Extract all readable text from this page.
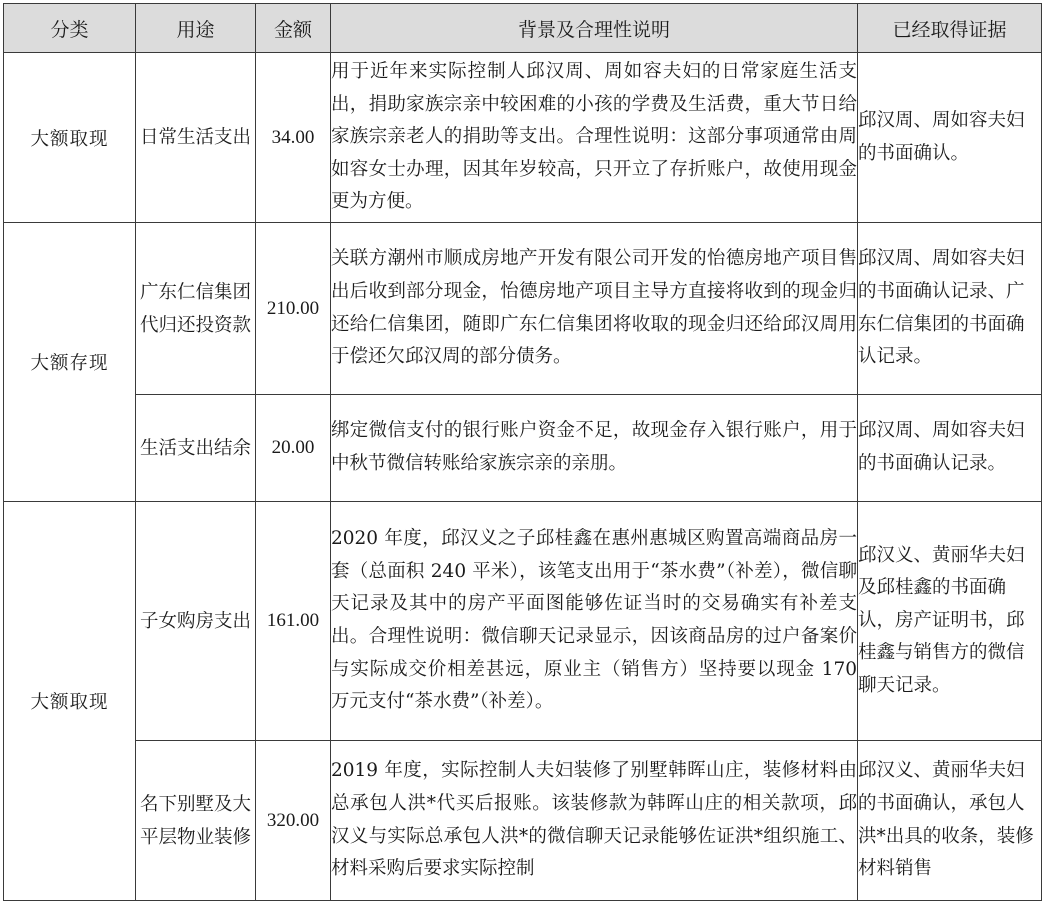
分类	用途	金额	背景及合理性说明	已经取得证据
大额取现	日常生活支出	34.00	用于近年来实际控制人邱汉周、周如容夫妇的日常家庭生活支出，捐助家族宗亲中较困难的小孩的学费及生活费，重大节日给家族宗亲老人的捐助等支出。合理性说明：这部分事项通常由周如容女士办理，因其年岁较高，只开立了存折账户，故使用现金更为方便。	邱汉周、周如容夫妇的书面确认。
大额存现	广东仁信集团代归还投资款	210.00	关联方潮州市顺成房地产开发有限公司开发的怡德房地产项目售出后收到部分现金，怡德房地产项目主导方直接将收到的现金归还给仁信集团，随即广东仁信集团将收取的现金归还给邱汉周用于偿还欠邱汉周的部分债务。	邱汉周、周如容夫妇的书面确认记录、广东仁信集团的书面确认记录。
	生活支出结余	20.00	绑定微信支付的银行账户资金不足，故现金存入银行账户，用于中秋节微信转账给家族宗亲的亲朋。	邱汉周、周如容夫妇的书面确认记录。
大额取现	子女购房支出	161.00	2020 年度，邱汉义之子邱桂鑫在惠州惠城区购置高端商品房一套（总面积 240 平米），该笔支出用于“茶水费”（补差），微信聊天记录及其中的房产平面图能够佐证当时的交易确实有补差支出。合理性说明：微信聊天记录显示，因该商品房的过户备案价与实际成交价相差甚远，原业主（销售方）坚持要以现金 170 万元支付“茶水费”（补差）。	邱汉义、黄丽华夫妇及邱桂鑫的书面确认，房产证明书，邱桂鑫与销售方的微信聊天记录。
	名下别墅及大平层物业装修	320.00	2019 年度，实际控制人夫妇装修了别墅韩晖山庄，装修材料由总承包人洪*代买后报账。该装修款为韩晖山庄的相关款项，邱汉义与实际总承包人洪*的微信聊天记录能够佐证洪*组织施工、材料采购后要求实际控制	邱汉义、黄丽华夫妇的书面确认，承包人洪*出具的收条，装修材料销售
